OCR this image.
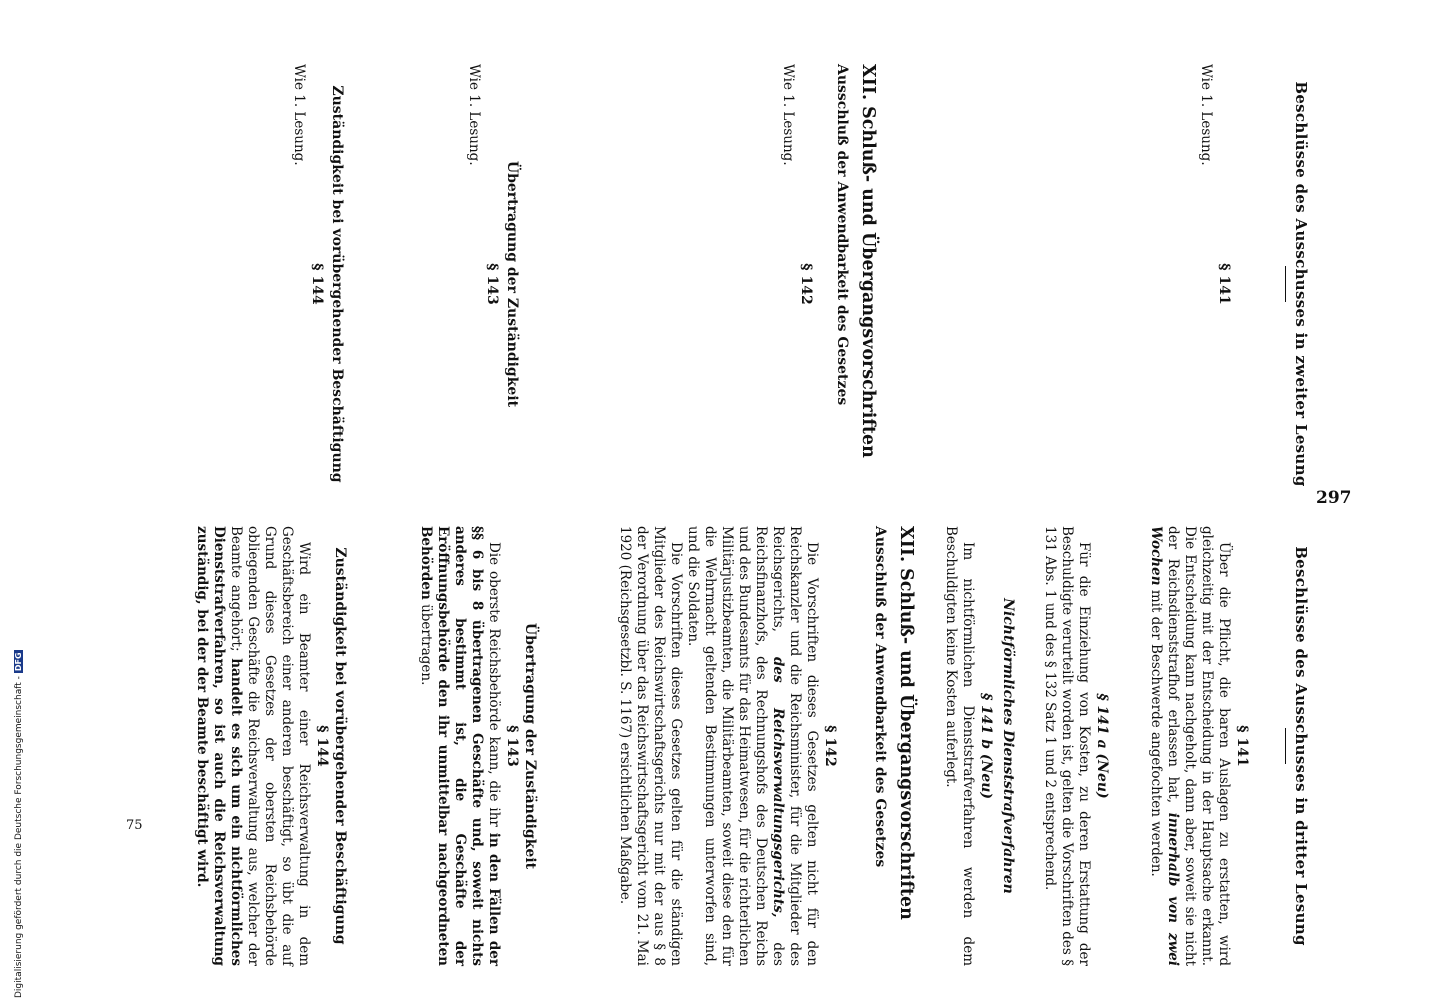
297
Beschlüsse des Ausschusses in zweiter Lesung
§ 141
Wie 1. Lesung.
XII. Schluß- und Übergangsvorschriften
Ausschluß der Anwendbarkeit des Gesetzes
§ 142
Wie 1. Lesung.
Übertragung der Zuständigkeit
§ 143
Wie 1. Lesung.
Zuständigkeit bei vorübergehender Beschäftigung
§ 144
Wie 1. Lesung.
Beschlüsse des Ausschusses in dritter Lesung
§ 141
Über die Pflicht, die baren Auslagen zu erstatten, wird gleichzeitig mit der Entscheidung in der Hauptsache erkannt. Die Entscheidung kann nachgeholt, dann aber, soweit sie nicht der Reichsdienststrafhof erlassen hat, innerhalb von zwei Wochen mit der Beschwerde angefochten werden.
§ 141 a (Neu)
Für die Einziehung von Kosten, zu deren Erstattung der Beschuldigte verurteilt worden ist, gelten die Vorschriften des § 131 Abs. 1 und des § 132 Satz 1 und 2 entsprechend.
Nichtförmliches Dienststrafverfahren
§ 141 b (Neu)
Im nichtförmlichen Dienststrafverfahren werden dem Beschuldigten keine Kosten auferlegt.
XII. Schluß- und Übergangsvorschriften
Ausschluß der Anwendbarkeit des Gesetzes
§ 142
Die Vorschriften dieses Gesetzes gelten nicht für den Reichskanzler und die Reichsminister, für die Mitglieder des Reichsgerichts, des Reichsverwaltungsgerichts, des Reichsfinanzhofs, des Rechnungshofs des Deutschen Reichs und des Bundesamts für das Heimatwesen, für die richterlichen Militärjustizbeamten, die Militärbeamten, soweit diese den für die Wehrmacht geltenden Bestimmungen unterworfen sind, und die Soldaten.
Die Vorschriften dieses Gesetzes gelten für die ständigen Mitglieder des Reichswirtschaftsgerichts nur mit der aus § 8 der Verordnung über das Reichswirtschaftsgericht vom 21. Mai 1920 (Reichsgesetzbl. S. 1167) ersichtlichen Maßgabe.
Übertragung der Zuständigkeit
§ 143
Die oberste Reichsbehörde kann, die ihr in den Fällen der §§ 6 bis 8 übertragenen Geschäfte und, soweit nichts anderes bestimmt ist, die Geschäfte der Eröffnungsbehörde den ihr unmittelbar nachgeordneten Behörden übertragen.
Zuständigkeit bei vorübergehender Beschäftigung
§ 144
Wird ein Beamter einer Reichsverwaltung in dem Geschäftsbereich einer anderen beschäftigt, so übt die auf Grund dieses Gesetzes der obersten Reichsbehörde obliegenden Geschäfte die Reichsverwaltung aus, welcher der Beamte angehört; handelt es sich um ein nichtförmliches Dienststrafverfahren, so ist auch die Reichsverwaltung zuständig, bei der der Beamte beschäftigt wird.
75
Digitalisierung gefördert durch die Deutsche Forschungsgemeinschaft -DFG
